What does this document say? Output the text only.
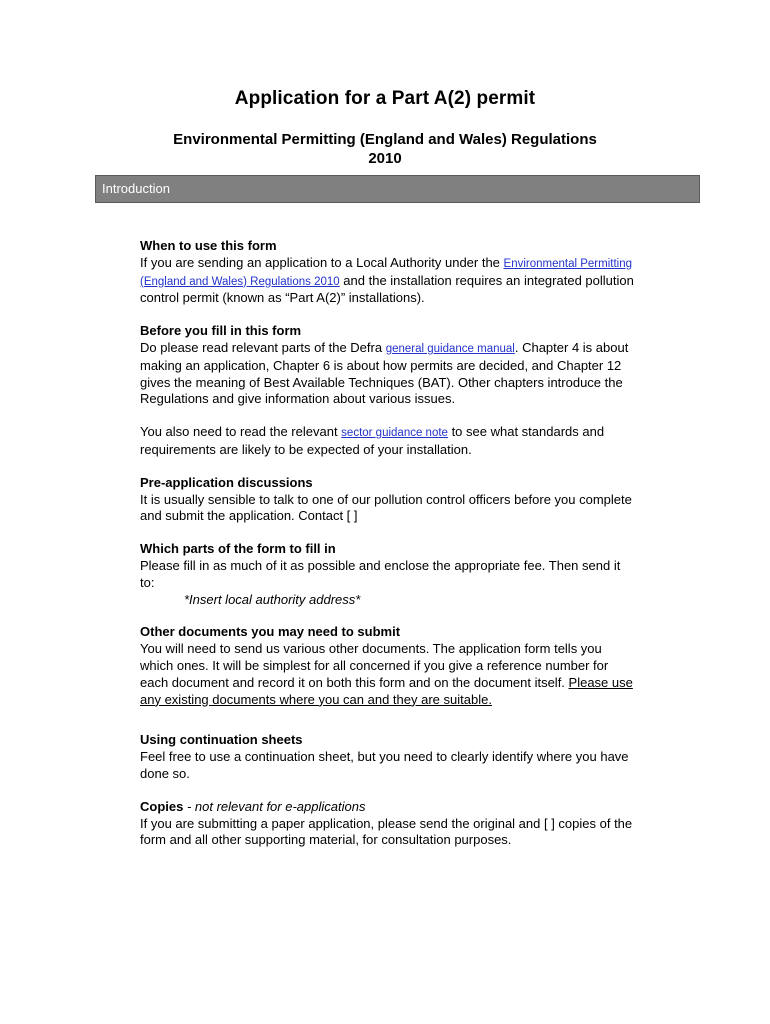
Application for a Part A(2) permit
Environmental Permitting (England and Wales) Regulations
2010
Introduction
When to use this form
If you are sending an application to a Local Authority under the Environmental Permitting (England and Wales) Regulations 2010 and the installation requires an integrated pollution control permit (known as “Part A(2)” installations).
Before you fill in this form
Do please read relevant parts of the Defra general guidance manual. Chapter 4 is about making an application, Chapter 6 is about how permits are decided, and Chapter 12 gives the meaning of Best Available Techniques (BAT). Other chapters introduce the Regulations and give information about various issues.
You also need to read the relevant sector guidance note to see what standards and requirements are likely to be expected of your installation.
Pre-application discussions
It is usually sensible to talk to one of our pollution control officers before you complete and submit the application. Contact [ ]
Which parts of the form to fill in
Please fill in as much of it as possible and enclose the appropriate fee. Then send it to:
*Insert local authority address*
Other documents you may need to submit
You will need to send us various other documents. The application form tells you which ones. It will be simplest for all concerned if you give a reference number for each document and record it on both this form and on the document itself. Please use any existing documents where you can and they are suitable.
Using continuation sheets
Feel free to use a continuation sheet, but you need to clearly identify where you have done so.
Copies - not relevant for e-applications
If you are submitting a paper application, please send the original and [ ] copies of the form and all other supporting material, for consultation purposes.
